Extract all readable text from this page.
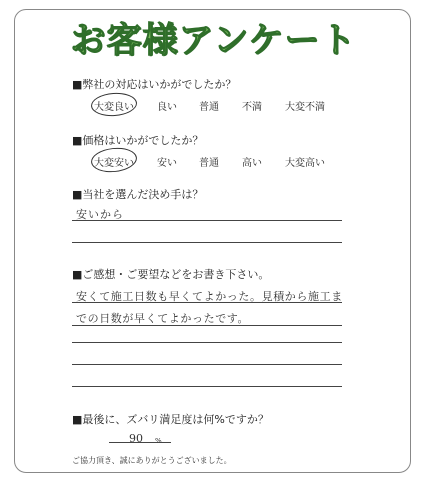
お客様アンケート
■弊社の対応はいかがでしたか？
大変良い 良い 普通 不満 大変不満
■価格はいかがでしたか？
大変安い 安い 普通 高い 大変高い
■当社を選んだ決め手は？
安いから
■ご感想・ご要望などをお書き下さい。
安くて施工日数も早くてよかった。見積から施工ま
での日数が早くてよかったです。
■最後に、ズバリ満足度は何%ですか？
90 %
ご協力頂き、誠にありがとうございました。
